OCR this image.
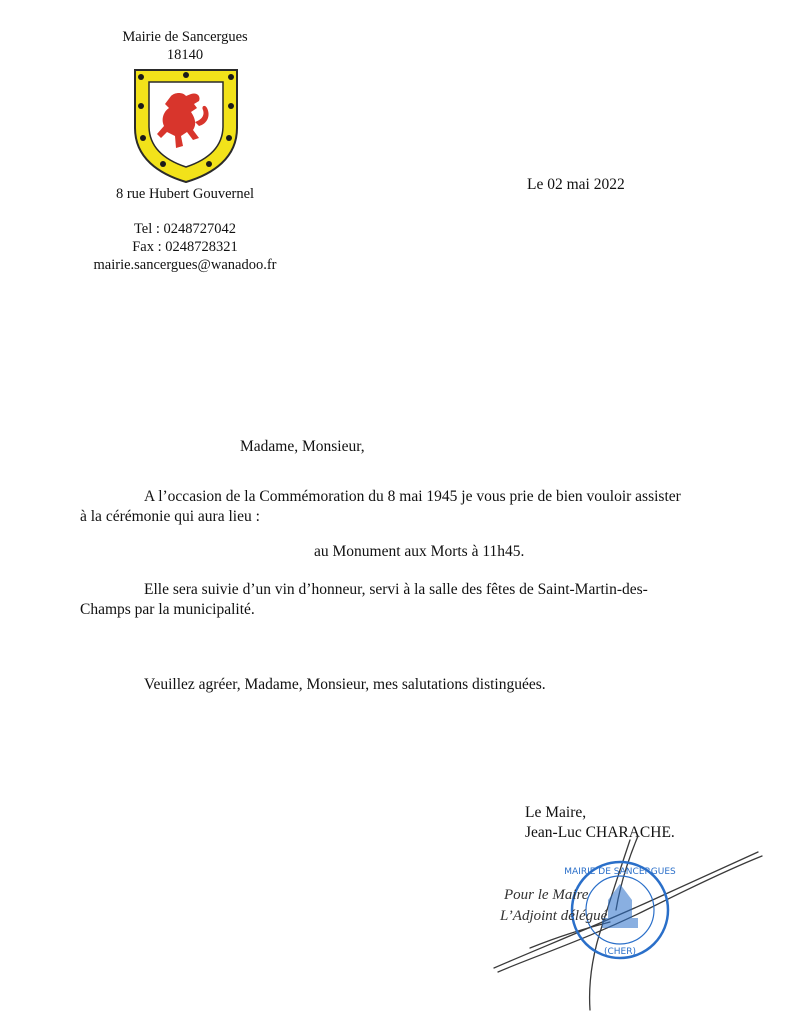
Mairie de Sancergues
18140
8 rue Hubert Gouvernel
Tel : 0248727042
Fax : 0248728321
mairie.sancergues@wanadoo.fr
Le 02 mai 2022
Madame, Monsieur,
A l’occasion de la Commémoration du 8 mai 1945 je vous prie de bien vouloir assister
à la cérémonie qui aura lieu :
au Monument aux Morts à 11h45.
Elle sera suivie d’un vin d’honneur, servi à la salle des fêtes de Saint-Martin-des-
Champs par la municipalité.
Veuillez agréer, Madame, Monsieur, mes salutations distinguées.
Le Maire,
Jean-Luc CHARACHE.
MAIRIE DE SANCERGUES
(CHER)
Pour le Maire
L’Adjoint délégué
